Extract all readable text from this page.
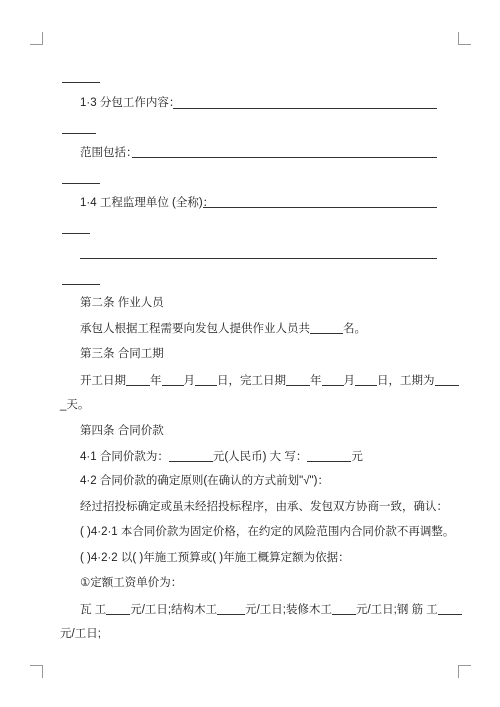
1·3 分包工作内容：
范围包括：
1·4 工程监理单位 (全称)：
第二条 作业人员
承包人根据工程需要向发包人提供作业人员共	名。
第三条 合同工期
开工日期 年 月 日，完工日期 年 月 日，工期为
_天。
第四条 合同价款
4·1 合同价款为：	元(人民币) 大 写：	元
4·2 合同价款的确定原则(在确认的方式前划"√")：
经过招投标确定或虽未经招投标程序，由承、发包双方协商一致，确认：
( )4·2·1 本合同价款为固定价格，在约定的风险范围内合同价款不再调整。
( )4·2·2 以( )年施工预算或( )年施工概算定额为依据：
①定额工资单价为：
瓦 工 元/工日;结构木工 元/工日;装修木工 元/工日;钢 筋 工
元/工日;
